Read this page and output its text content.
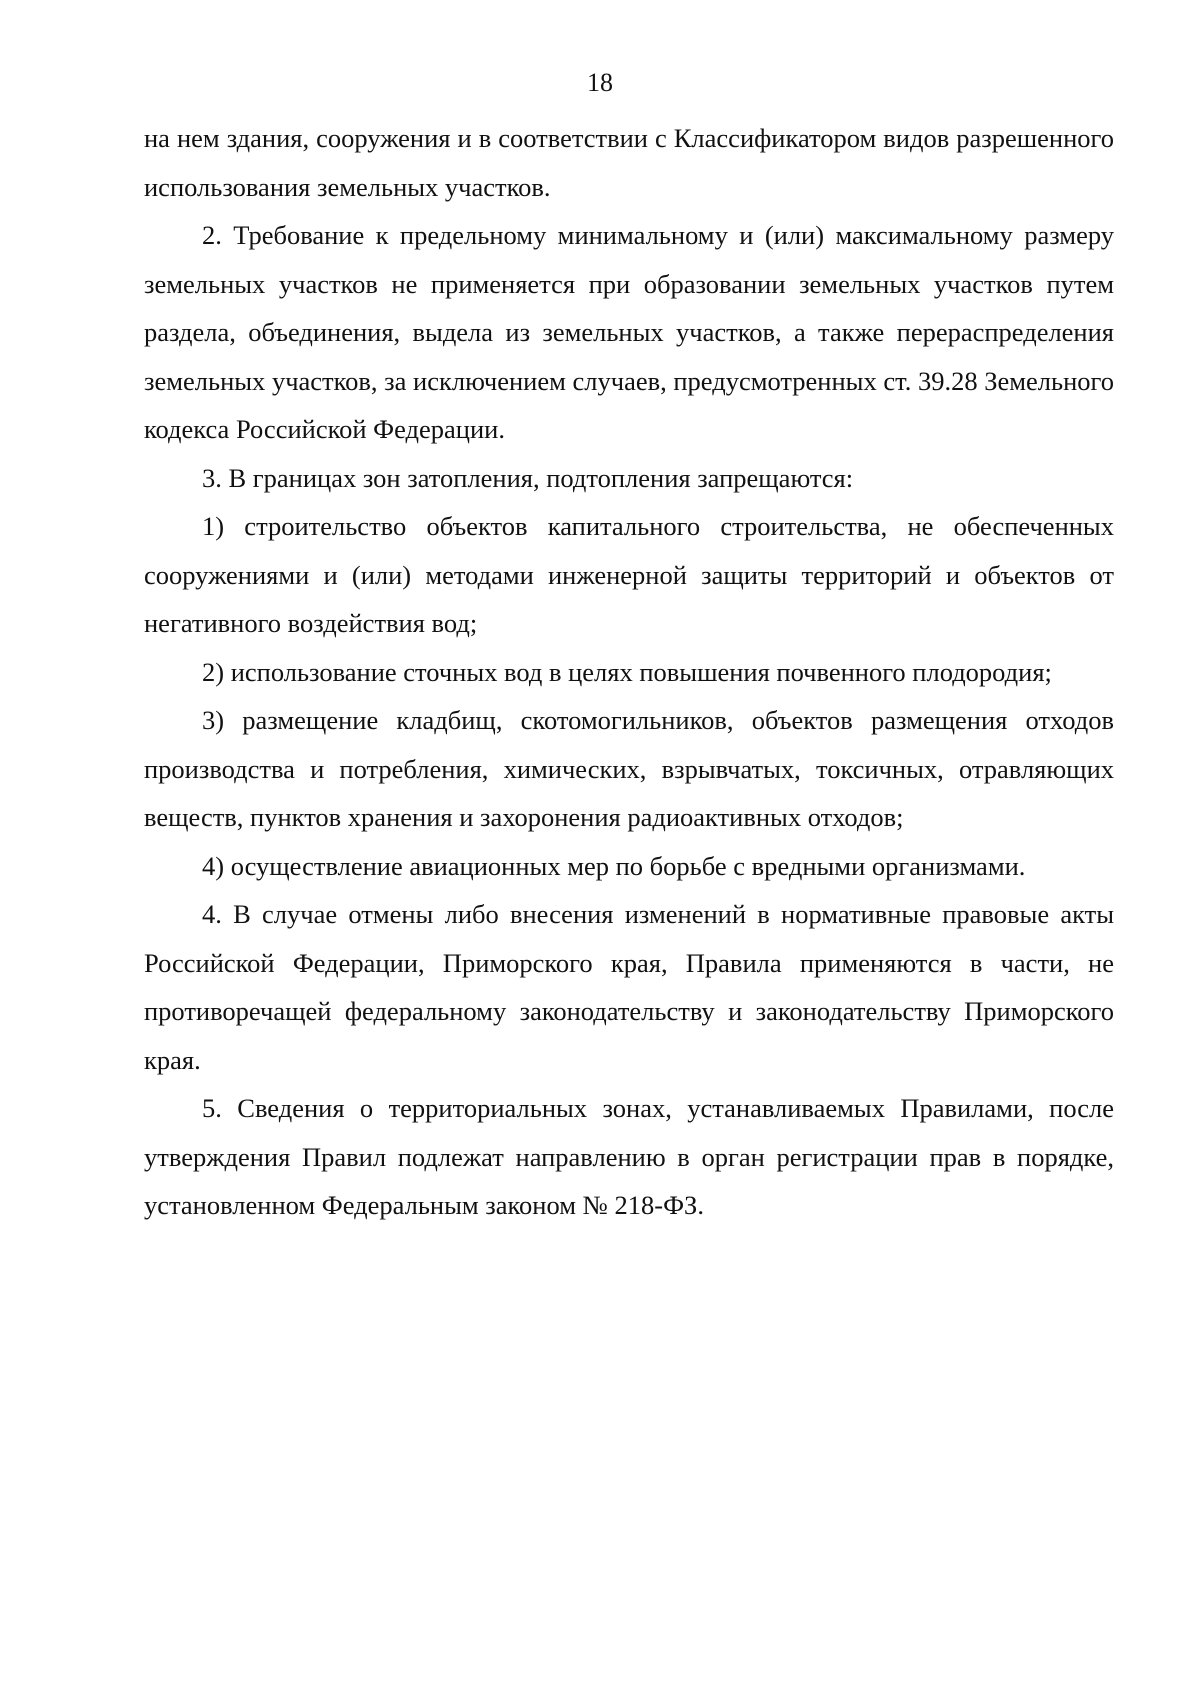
18

на нем здания, сооружения и в соответствии с Классификатором видов разрешенного использования земельных участков.

2. Требование к предельному минимальному и (или) максимальному размеру земельных участков не применяется при образовании земельных участков путем раздела, объединения, выдела из земельных участков, а также перераспределения земельных участков, за исключением случаев, предусмотренных ст. 39.28 Земельного кодекса Российской Федерации.

3. В границах зон затопления, подтопления запрещаются:

1) строительство объектов капитального строительства, не обеспеченных сооружениями и (или) методами инженерной защиты территорий и объектов от негативного воздействия вод;

2) использование сточных вод в целях повышения почвенного плодородия;

3) размещение кладбищ, скотомогильников, объектов размещения отходов производства и потребления, химических, взрывчатых, токсичных, отравляющих веществ, пунктов хранения и захоронения радиоактивных отходов;

4) осуществление авиационных мер по борьбе с вредными организмами.

4. В случае отмены либо внесения изменений в нормативные правовые акты Российской Федерации, Приморского края, Правила применяются в части, не противоречащей федеральному законодательству и законодательству Приморского края.

5. Сведения о территориальных зонах, устанавливаемых Правилами, после утверждения Правил подлежат направлению в орган регистрации прав в порядке, установленном Федеральным законом № 218-ФЗ.
